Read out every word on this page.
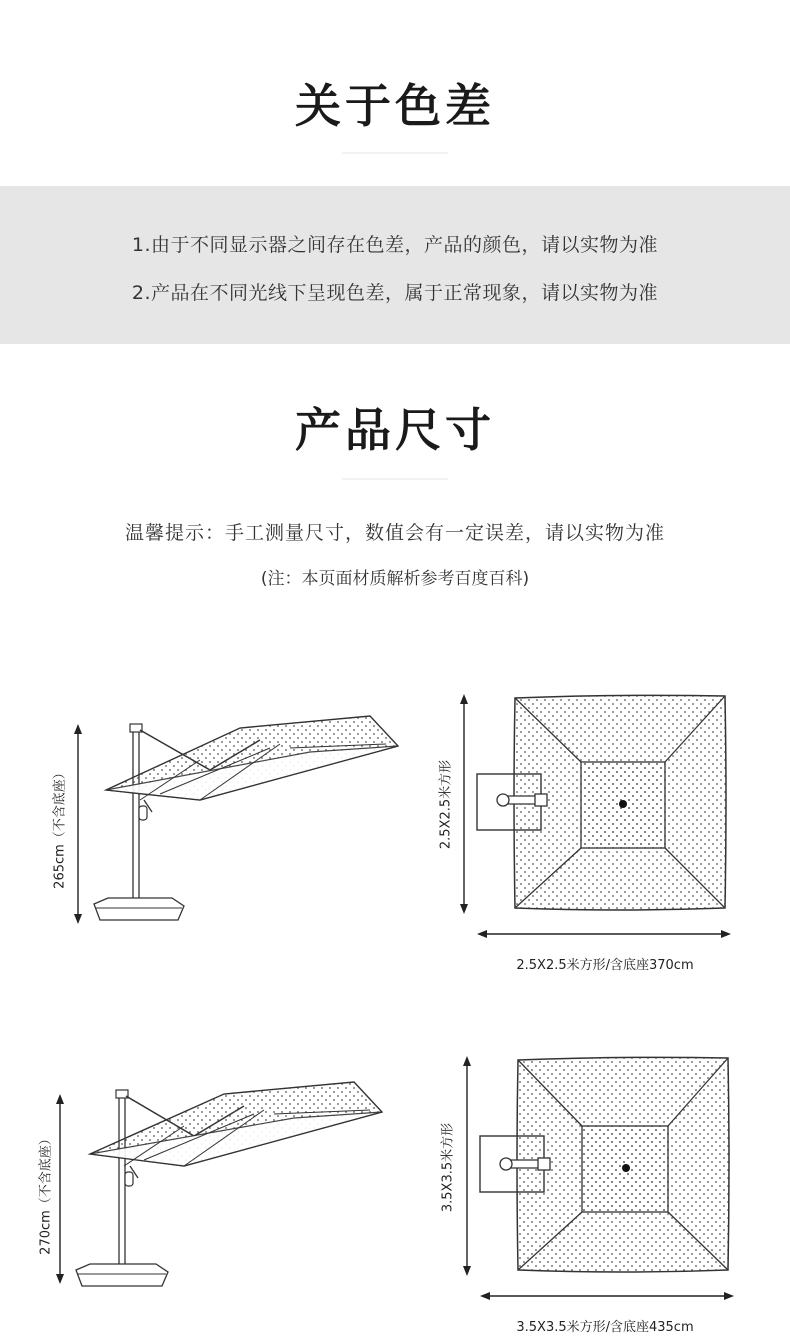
关于色差
1.由于不同显示器之间存在色差，产品的颜色，请以实物为准
2.产品在不同光线下呈现色差，属于正常现象，请以实物为准
产品尺寸
温馨提示：手工测量尺寸，数值会有一定误差，请以实物为准
(注：本页面材质解析参考百度百科)
265cm（不含底座）	2.5X2.5米方形
2.5X2.5米方形/含底座370cm
270cm（不含底座）	3.5X3.5米方形
3.5X3.5米方形/含底座435cm
